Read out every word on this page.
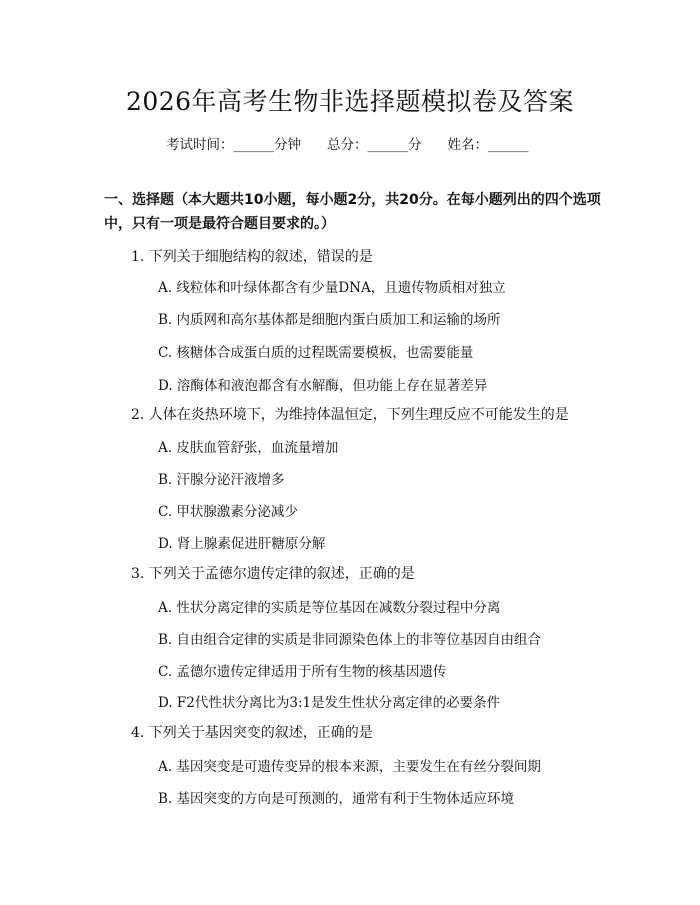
2026年高考生物非选择题模拟卷及答案
考试时间：______分钟 总分：______分 姓名：______
一、选择题（本大题共10小题，每小题2分，共20分。在每小题列出的四个选项中，只有一项是最符合题目要求的。）
1. 下列关于细胞结构的叙述，错误的是
A. 线粒体和叶绿体都含有少量DNA，且遗传物质相对独立
B. 内质网和高尔基体都是细胞内蛋白质加工和运输的场所
C. 核糖体合成蛋白质的过程既需要模板，也需要能量
D. 溶酶体和液泡都含有水解酶，但功能上存在显著差异
2. 人体在炎热环境下，为维持体温恒定，下列生理反应不可能发生的是
A. 皮肤血管舒张，血流量增加
B. 汗腺分泌汗液增多
C. 甲状腺激素分泌减少
D. 肾上腺素促进肝糖原分解
3. 下列关于孟德尔遗传定律的叙述，正确的是
A. 性状分离定律的实质是等位基因在减数分裂过程中分离
B. 自由组合定律的实质是非同源染色体上的非等位基因自由组合
C. 孟德尔遗传定律适用于所有生物的核基因遗传
D. F2代性状分离比为3:1是发生性状分离定律的必要条件
4. 下列关于基因突变的叙述，正确的是
A. 基因突变是可遗传变异的根本来源，主要发生在有丝分裂间期
B. 基因突变的方向是可预测的，通常有利于生物体适应环境
